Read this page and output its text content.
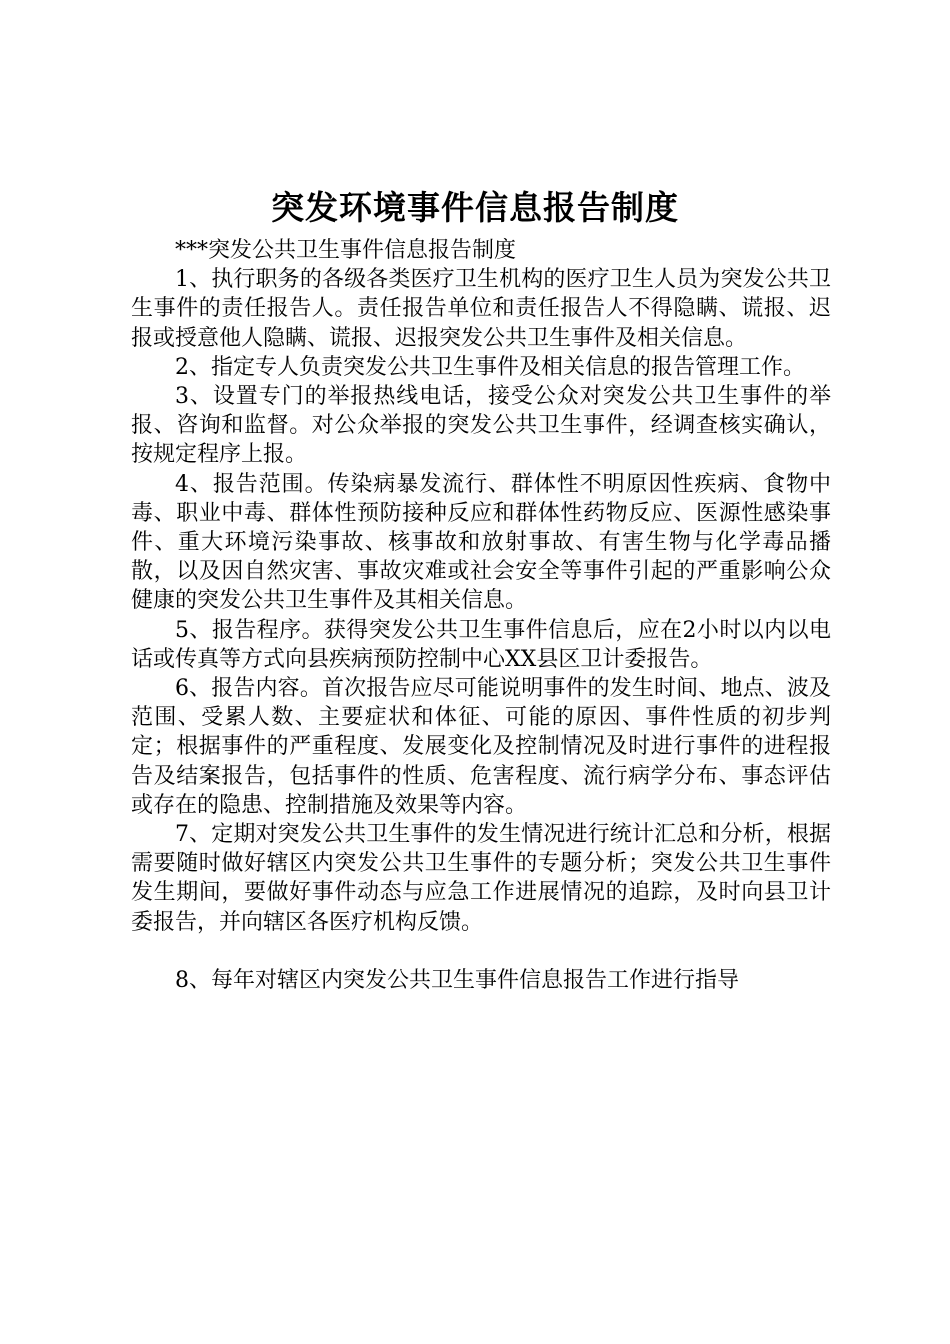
突发环境事件信息报告制度

***突发公共卫生事件信息报告制度

1、执行职务的各级各类医疗卫生机构的医疗卫生人员为突发公共卫生事件的责任报告人。责任报告单位和责任报告人不得隐瞒、谎报、迟报或授意他人隐瞒、谎报、迟报突发公共卫生事件及相关信息。

2、指定专人负责突发公共卫生事件及相关信息的报告管理工作。

3、设置专门的举报热线电话，接受公众对突发公共卫生事件的举报、咨询和监督。对公众举报的突发公共卫生事件，经调查核实确认，按规定程序上报。

4、报告范围。传染病暴发流行、群体性不明原因性疾病、食物中毒、职业中毒、群体性预防接种反应和群体性药物反应、医源性感染事件、重大环境污染事故、核事故和放射事故、有害生物与化学毒品播散，以及因自然灾害、事故灾难或社会安全等事件引起的严重影响公众健康的突发公共卫生事件及其相关信息。

5、报告程序。获得突发公共卫生事件信息后，应在2小时以内以电话或传真等方式向县疾病预防控制中心XX县区卫计委报告。

6、报告内容。首次报告应尽可能说明事件的发生时间、地点、波及范围、受累人数、主要症状和体征、可能的原因、事件性质的初步判定；根据事件的严重程度、发展变化及控制情况及时进行事件的进程报告及结案报告，包括事件的性质、危害程度、流行病学分布、事态评估或存在的隐患、控制措施及效果等内容。

7、定期对突发公共卫生事件的发生情况进行统计汇总和分析，根据需要随时做好辖区内突发公共卫生事件的专题分析；突发公共卫生事件发生期间，要做好事件动态与应急工作进展情况的追踪，及时向县卫计委报告，并向辖区各医疗机构反馈。

8、每年对辖区内突发公共卫生事件信息报告工作进行指导
